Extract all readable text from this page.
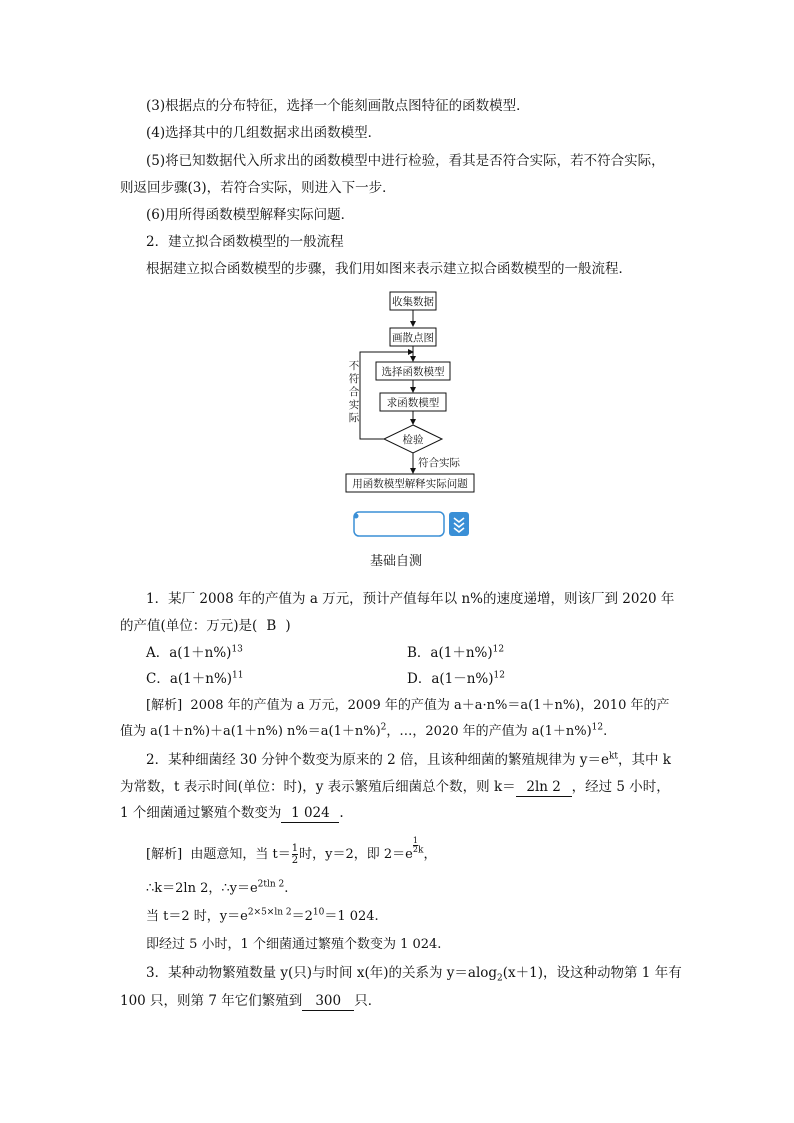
(3)根据点的分布特征，选择一个能刻画散点图特征的函数模型．
(4)选择其中的几组数据求出函数模型．
(5)将已知数据代入所求出的函数模型中进行检验，看其是否符合实际，若不符合实际，
则返回步骤(3)，若符合实际，则进入下一步．
(6)用所得函数模型解释实际问题．
2．建立拟合函数模型的一般流程
根据建立拟合函数模型的步骤，我们用如图来表示建立拟合函数模型的一般流程．
收集数据
画散点图
选择函数模型
求函数模型
检验
不
符
合
实
际
符合实际
用函数模型解释实际问题
基础自测
1．某厂 2008 年的产值为 a 万元，预计产值每年以 n%的速度递增，则该厂到 2020 年
的产值(单位：万元)是( B )
A．$a(1+n\%)^{13}$	B．$a(1+n\%)^{12}$
C．$a(1+n\%)^{11}$	D．$a(1-n\%)^{12}$
[解析] 2008 年的产值为 a 万元，2009 年的产值为 a＋a·n%＝a(1＋n%)，2010 年的产
值为 a(1＋n%)＋a(1＋n%) $n\%=a(1+n\%)^2$，…，2020 年的产值为 $a(1+n\%)^{12}$.
2．某种细菌经 30 分钟个数变为原来的 2 倍，且该种细菌的繁殖规律为 $y=e^{kt}$，其中 k
为常数，t 表示时间(单位：时)，y 表示繁殖后细菌总个数，则 k＝ 2ln 2 ，经过 5 小时，
1 个细菌通过繁殖个数变为 1 024 .
[解析] 由题意知，当 $t= \frac{1}{2}$ 时，y＝2，即 2＝e
$\frac{1}{2} ^k$，
∴k＝2ln 2，$\therefore y=e^{2tln 2}$.
当 t＝2 时，$y=e^{2\times 5\times ln 2}=2^{10}=1$ 024.
即经过 5 小时，1 个细菌通过繁殖个数变为 1 024.
3．某种动物繁殖数量 y(只)与时间 x(年)的关系为 y＝alog$_2$(x＋1)，设这种动物第 1 年有
100 只，则第 7 年它们繁殖到 300 只．
